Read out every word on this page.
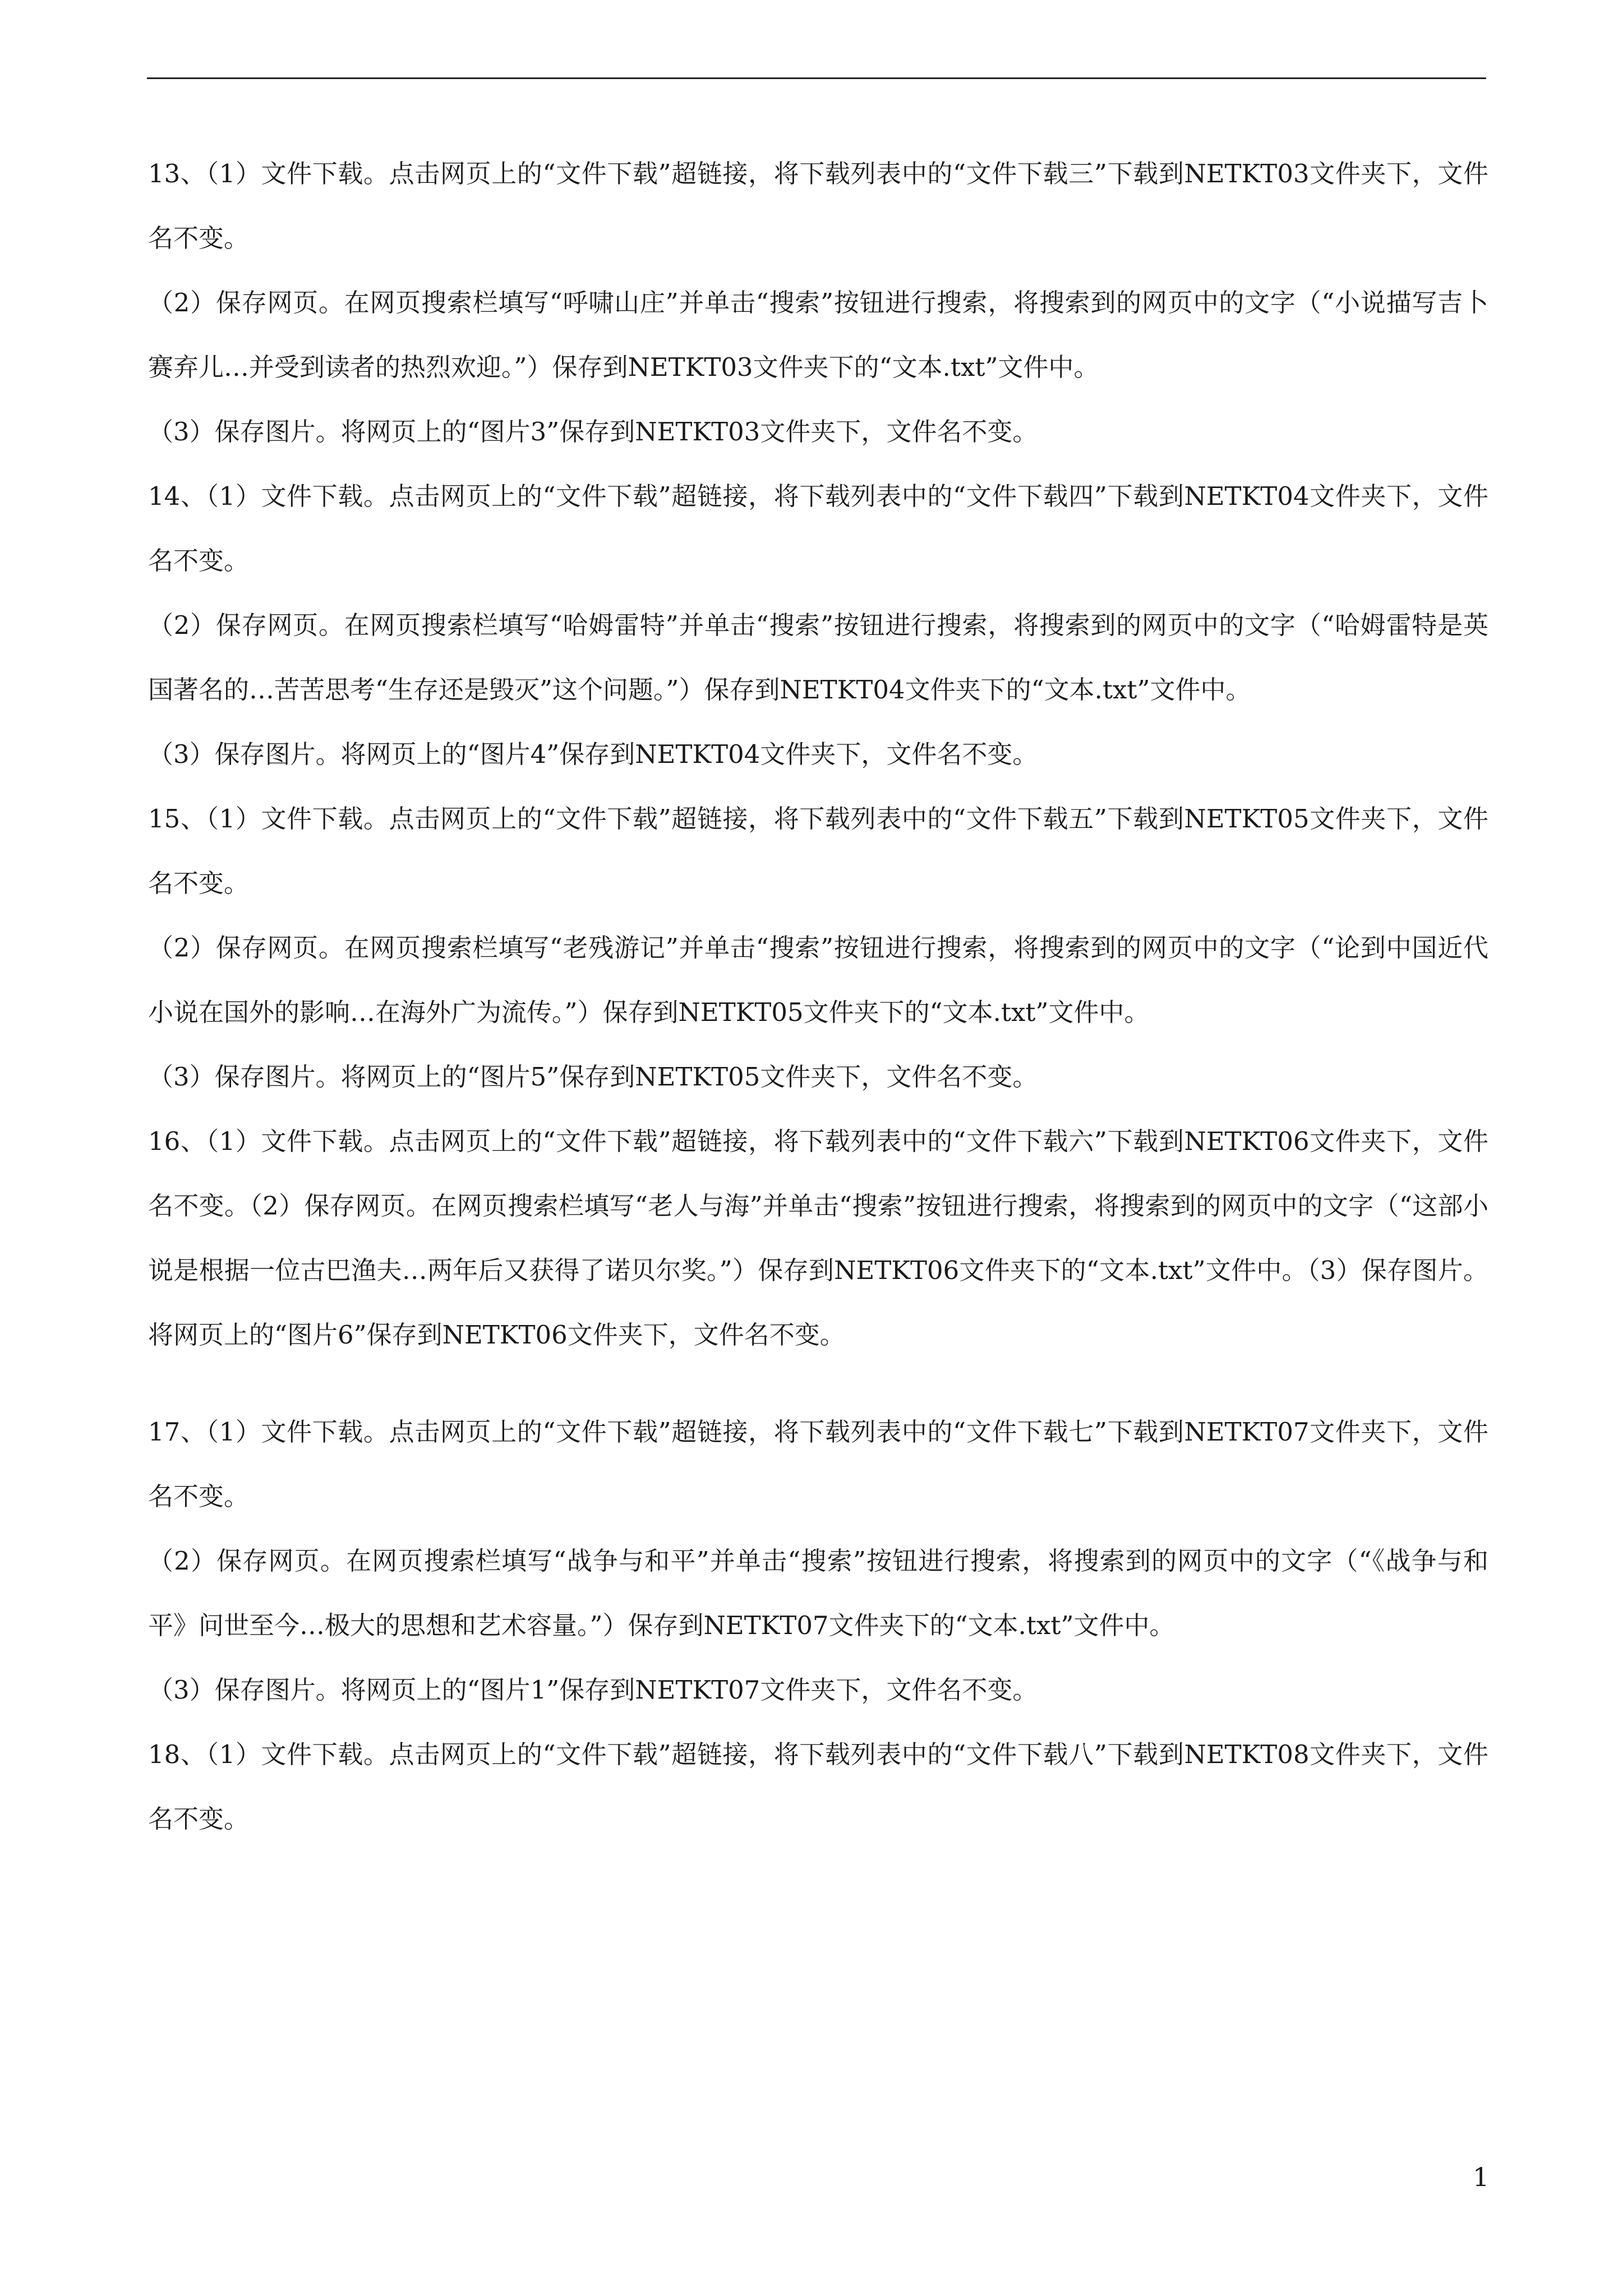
13、（1）文件下载。点击网页上的“文件下载”超链接，将下载列表中的“文件下载三”下载到NETKT03文件夹下，文件名不变。

（2）保存网页。在网页搜索栏填写“呼啸山庄”并单击“搜索”按钮进行搜索，将搜索到的网页中的文字（“小说描写吉卜赛弃儿…并受到读者的热烈欢迎。”）保存到NETKT03文件夹下的“文本.txt”文件中。

（3）保存图片。将网页上的“图片3”保存到NETKT03文件夹下，文件名不变。

14、（1）文件下载。点击网页上的“文件下载”超链接，将下载列表中的“文件下载四”下载到NETKT04文件夹下，文件名不变。

（2）保存网页。在网页搜索栏填写“哈姆雷特”并单击“搜索”按钮进行搜索，将搜索到的网页中的文字（“哈姆雷特是英国著名的…苦苦思考“生存还是毁灭”这个问题。”）保存到NETKT04文件夹下的“文本.txt”文件中。

（3）保存图片。将网页上的“图片4”保存到NETKT04文件夹下，文件名不变。

15、（1）文件下载。点击网页上的“文件下载”超链接，将下载列表中的“文件下载五”下载到NETKT05文件夹下，文件名不变。

（2）保存网页。在网页搜索栏填写“老残游记”并单击“搜索”按钮进行搜索，将搜索到的网页中的文字（“论到中国近代小说在国外的影响…在海外广为流传。”）保存到NETKT05文件夹下的“文本.txt”文件中。

（3）保存图片。将网页上的“图片5”保存到NETKT05文件夹下，文件名不变。

16、（1）文件下载。点击网页上的“文件下载”超链接，将下载列表中的“文件下载六”下载到NETKT06文件夹下，文件名不变。（2）保存网页。在网页搜索栏填写“老人与海”并单击“搜索”按钮进行搜索，将搜索到的网页中的文字（“这部小说是根据一位古巴渔夫…两年后又获得了诺贝尔奖。”）保存到NETKT06文件夹下的“文本.txt”文件中。（3）保存图片。将网页上的“图片6”保存到NETKT06文件夹下，文件名不变。

17、（1）文件下载。点击网页上的“文件下载”超链接，将下载列表中的“文件下载七”下载到NETKT07文件夹下，文件名不变。

（2）保存网页。在网页搜索栏填写“战争与和平”并单击“搜索”按钮进行搜索，将搜索到的网页中的文字（“《战争与和平》问世至今…极大的思想和艺术容量。”）保存到NETKT07文件夹下的“文本.txt”文件中。

（3）保存图片。将网页上的“图片1”保存到NETKT07文件夹下，文件名不变。

18、（1）文件下载。点击网页上的“文件下载”超链接，将下载列表中的“文件下载八”下载到NETKT08文件夹下，文件名不变。

1
